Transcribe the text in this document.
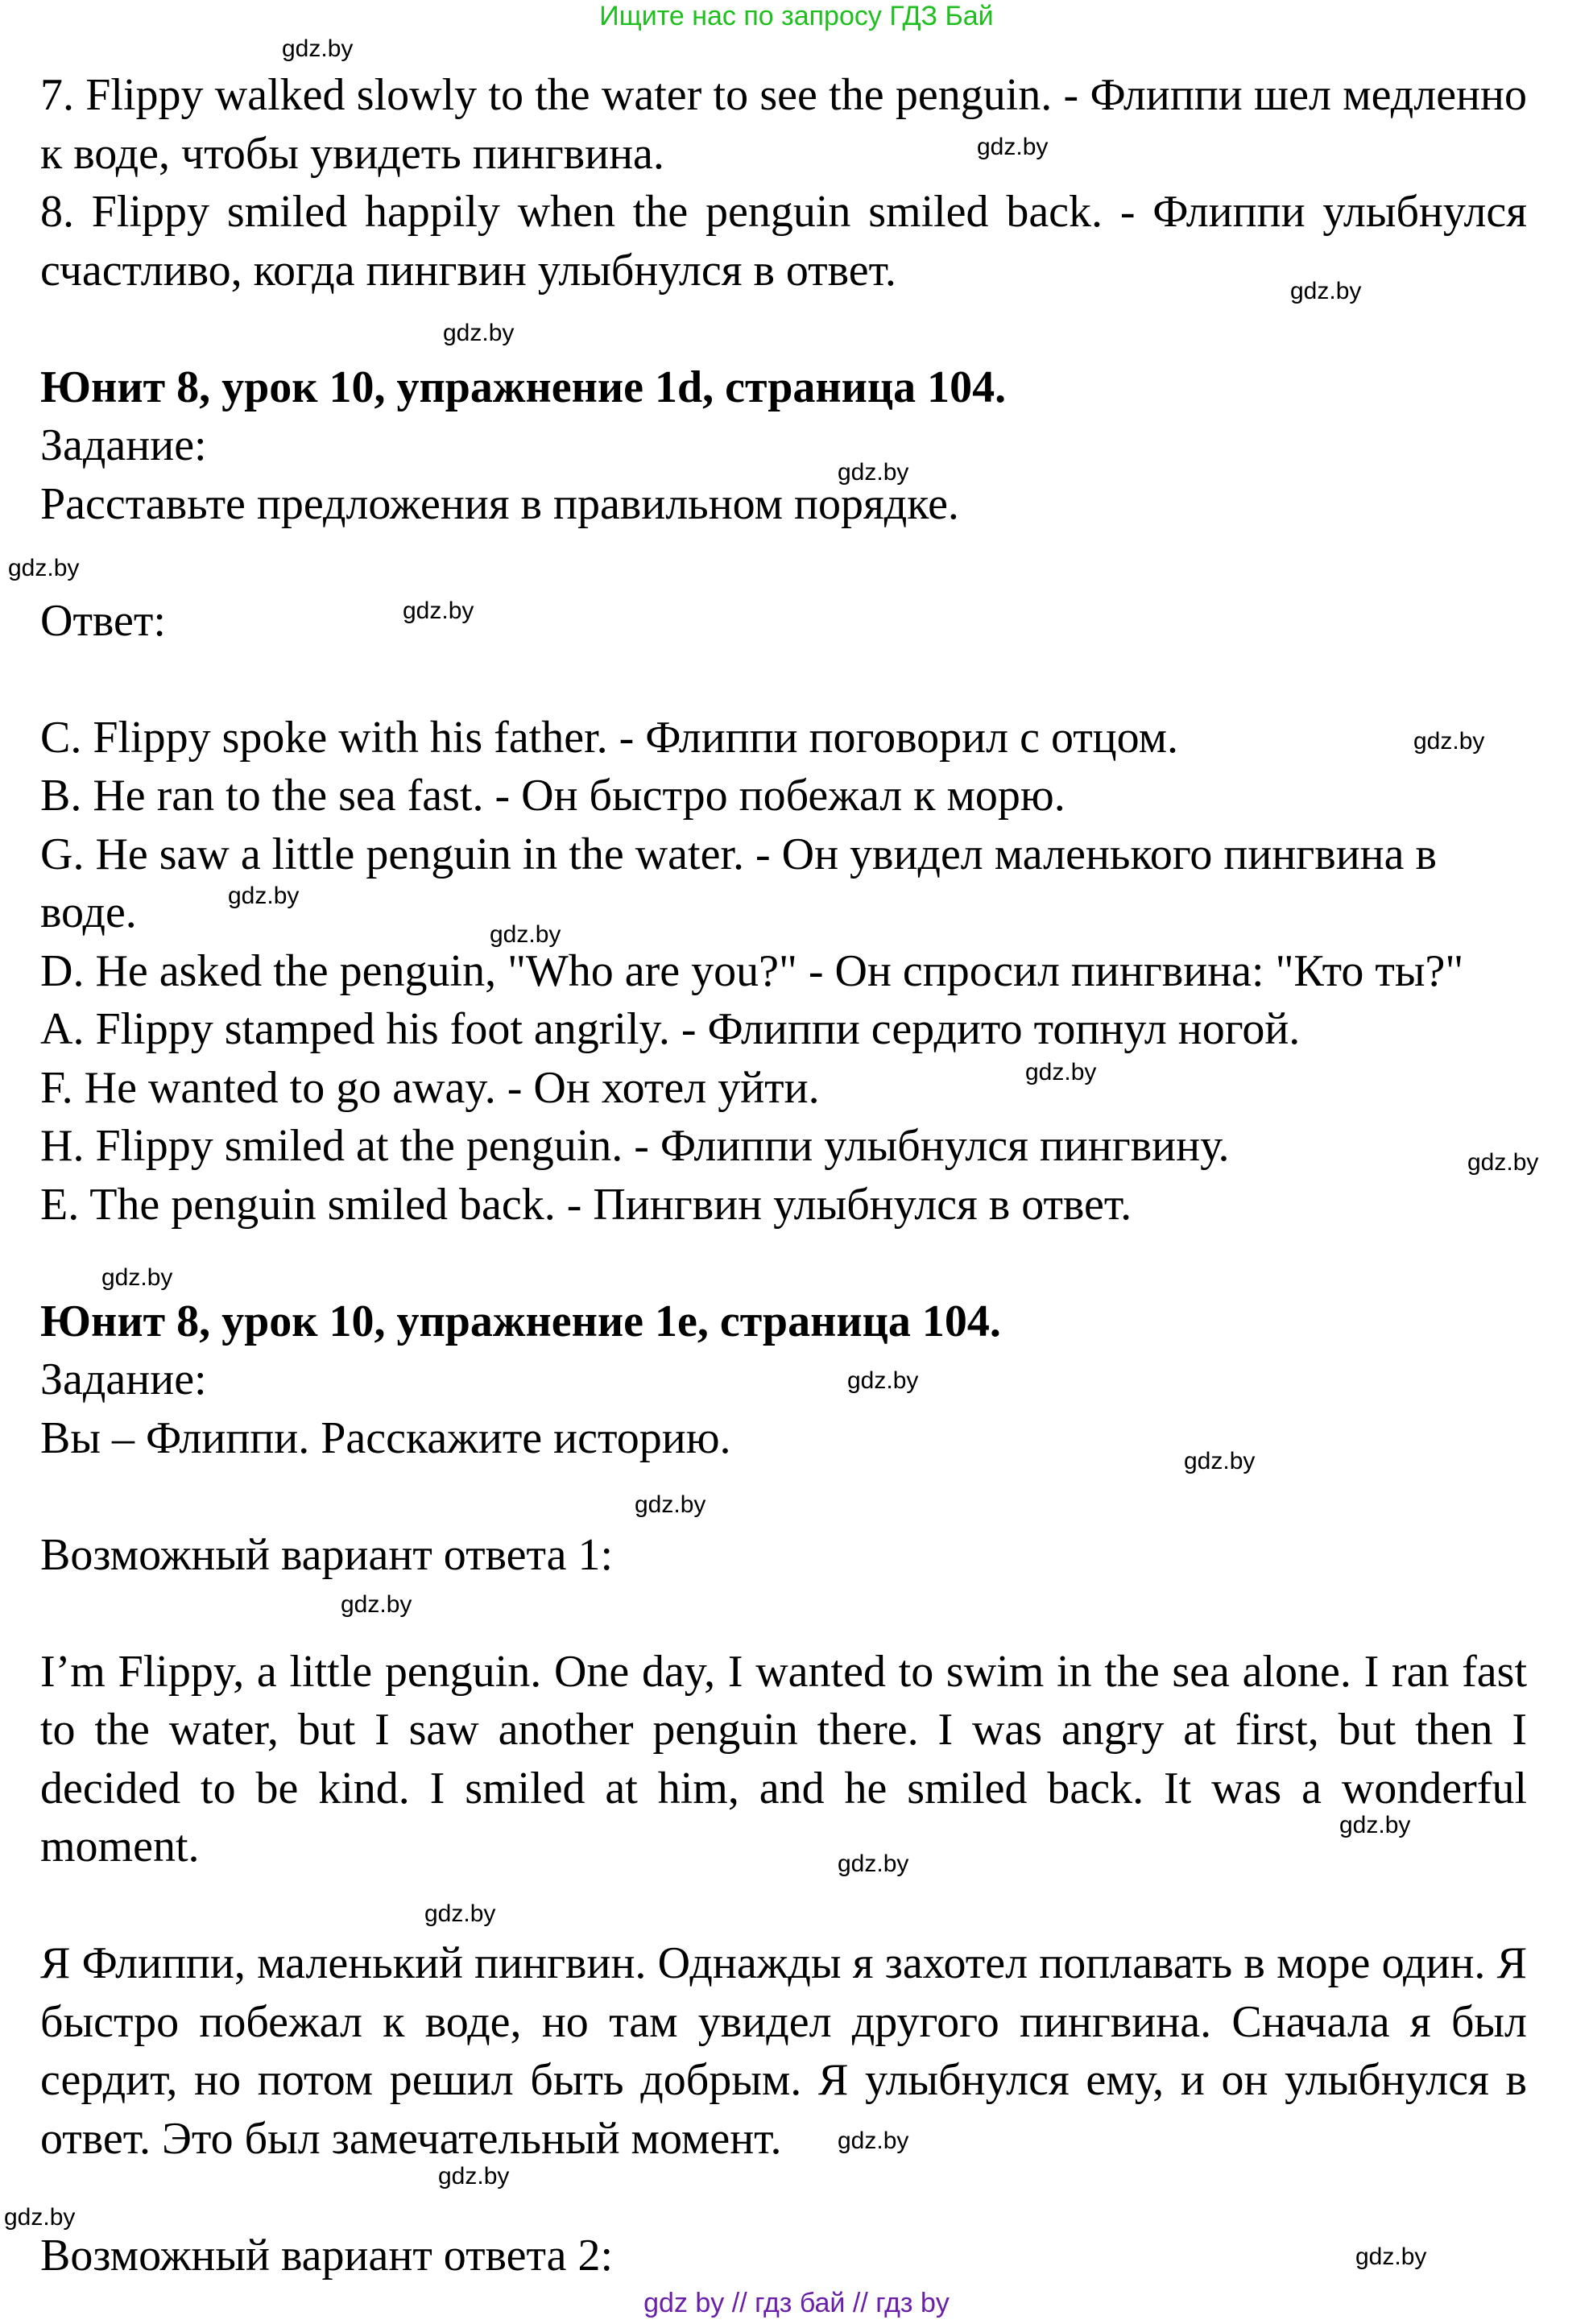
Ищите нас по запросу ГДЗ Бай

7. Flippy walked slowly to the water to see the penguin. - Флиппи шел медленно к воде, чтобы увидеть пингвина.

8. Flippy smiled happily when the penguin smiled back. - Флиппи улыбнулся счастливо, когда пингвин улыбнулся в ответ.

Юнит 8, урок 10, упражнение 1d, страница 104.

Задание:

Расставьте предложения в правильном порядке.

Ответ:

C. Flippy spoke with his father. - Флиппи поговорил с отцом.

B. He ran to the sea fast. - Он быстро побежал к морю.

G. He saw a little penguin in the water. - Он увидел маленького пингвина в воде.

D. He asked the penguin, "Who are you?" - Он спросил пингвина: "Кто ты?"

A. Flippy stamped his foot angrily. - Флиппи сердито топнул ногой.

F. He wanted to go away. - Он хотел уйти.

H. Flippy smiled at the penguin. - Флиппи улыбнулся пингвину.

E. The penguin smiled back. - Пингвин улыбнулся в ответ.

Юнит 8, урок 10, упражнение 1e, страница 104.

Задание:

Вы – Флиппи. Расскажите историю.

Возможный вариант ответа 1:

I’m Flippy, a little penguin. One day, I wanted to swim in the sea alone. I ran fast to the water, but I saw another penguin there. I was angry at first, but then I decided to be kind. I smiled at him, and he smiled back. It was a wonderful moment.

Я Флиппи, маленький пингвин. Однажды я захотел поплавать в море один. Я быстро побежал к воде, но там увидел другого пингвина. Сначала я был сердит, но потом решил быть добрым. Я улыбнулся ему, и он улыбнулся в ответ. Это был замечательный момент.

Возможный вариант ответа 2:

gdz.by
gdz.by
gdz.by
gdz.by
gdz.by
gdz.by
gdz.by
gdz.by
gdz.by
gdz.by
gdz.by
gdz.by
gdz.by
gdz.by
gdz.by
gdz.by
gdz.by
gdz.by
gdz.by
gdz.by
gdz.by
gdz.by
gdz.by
gdz.by
gdz by // гдз бай // гдз by
